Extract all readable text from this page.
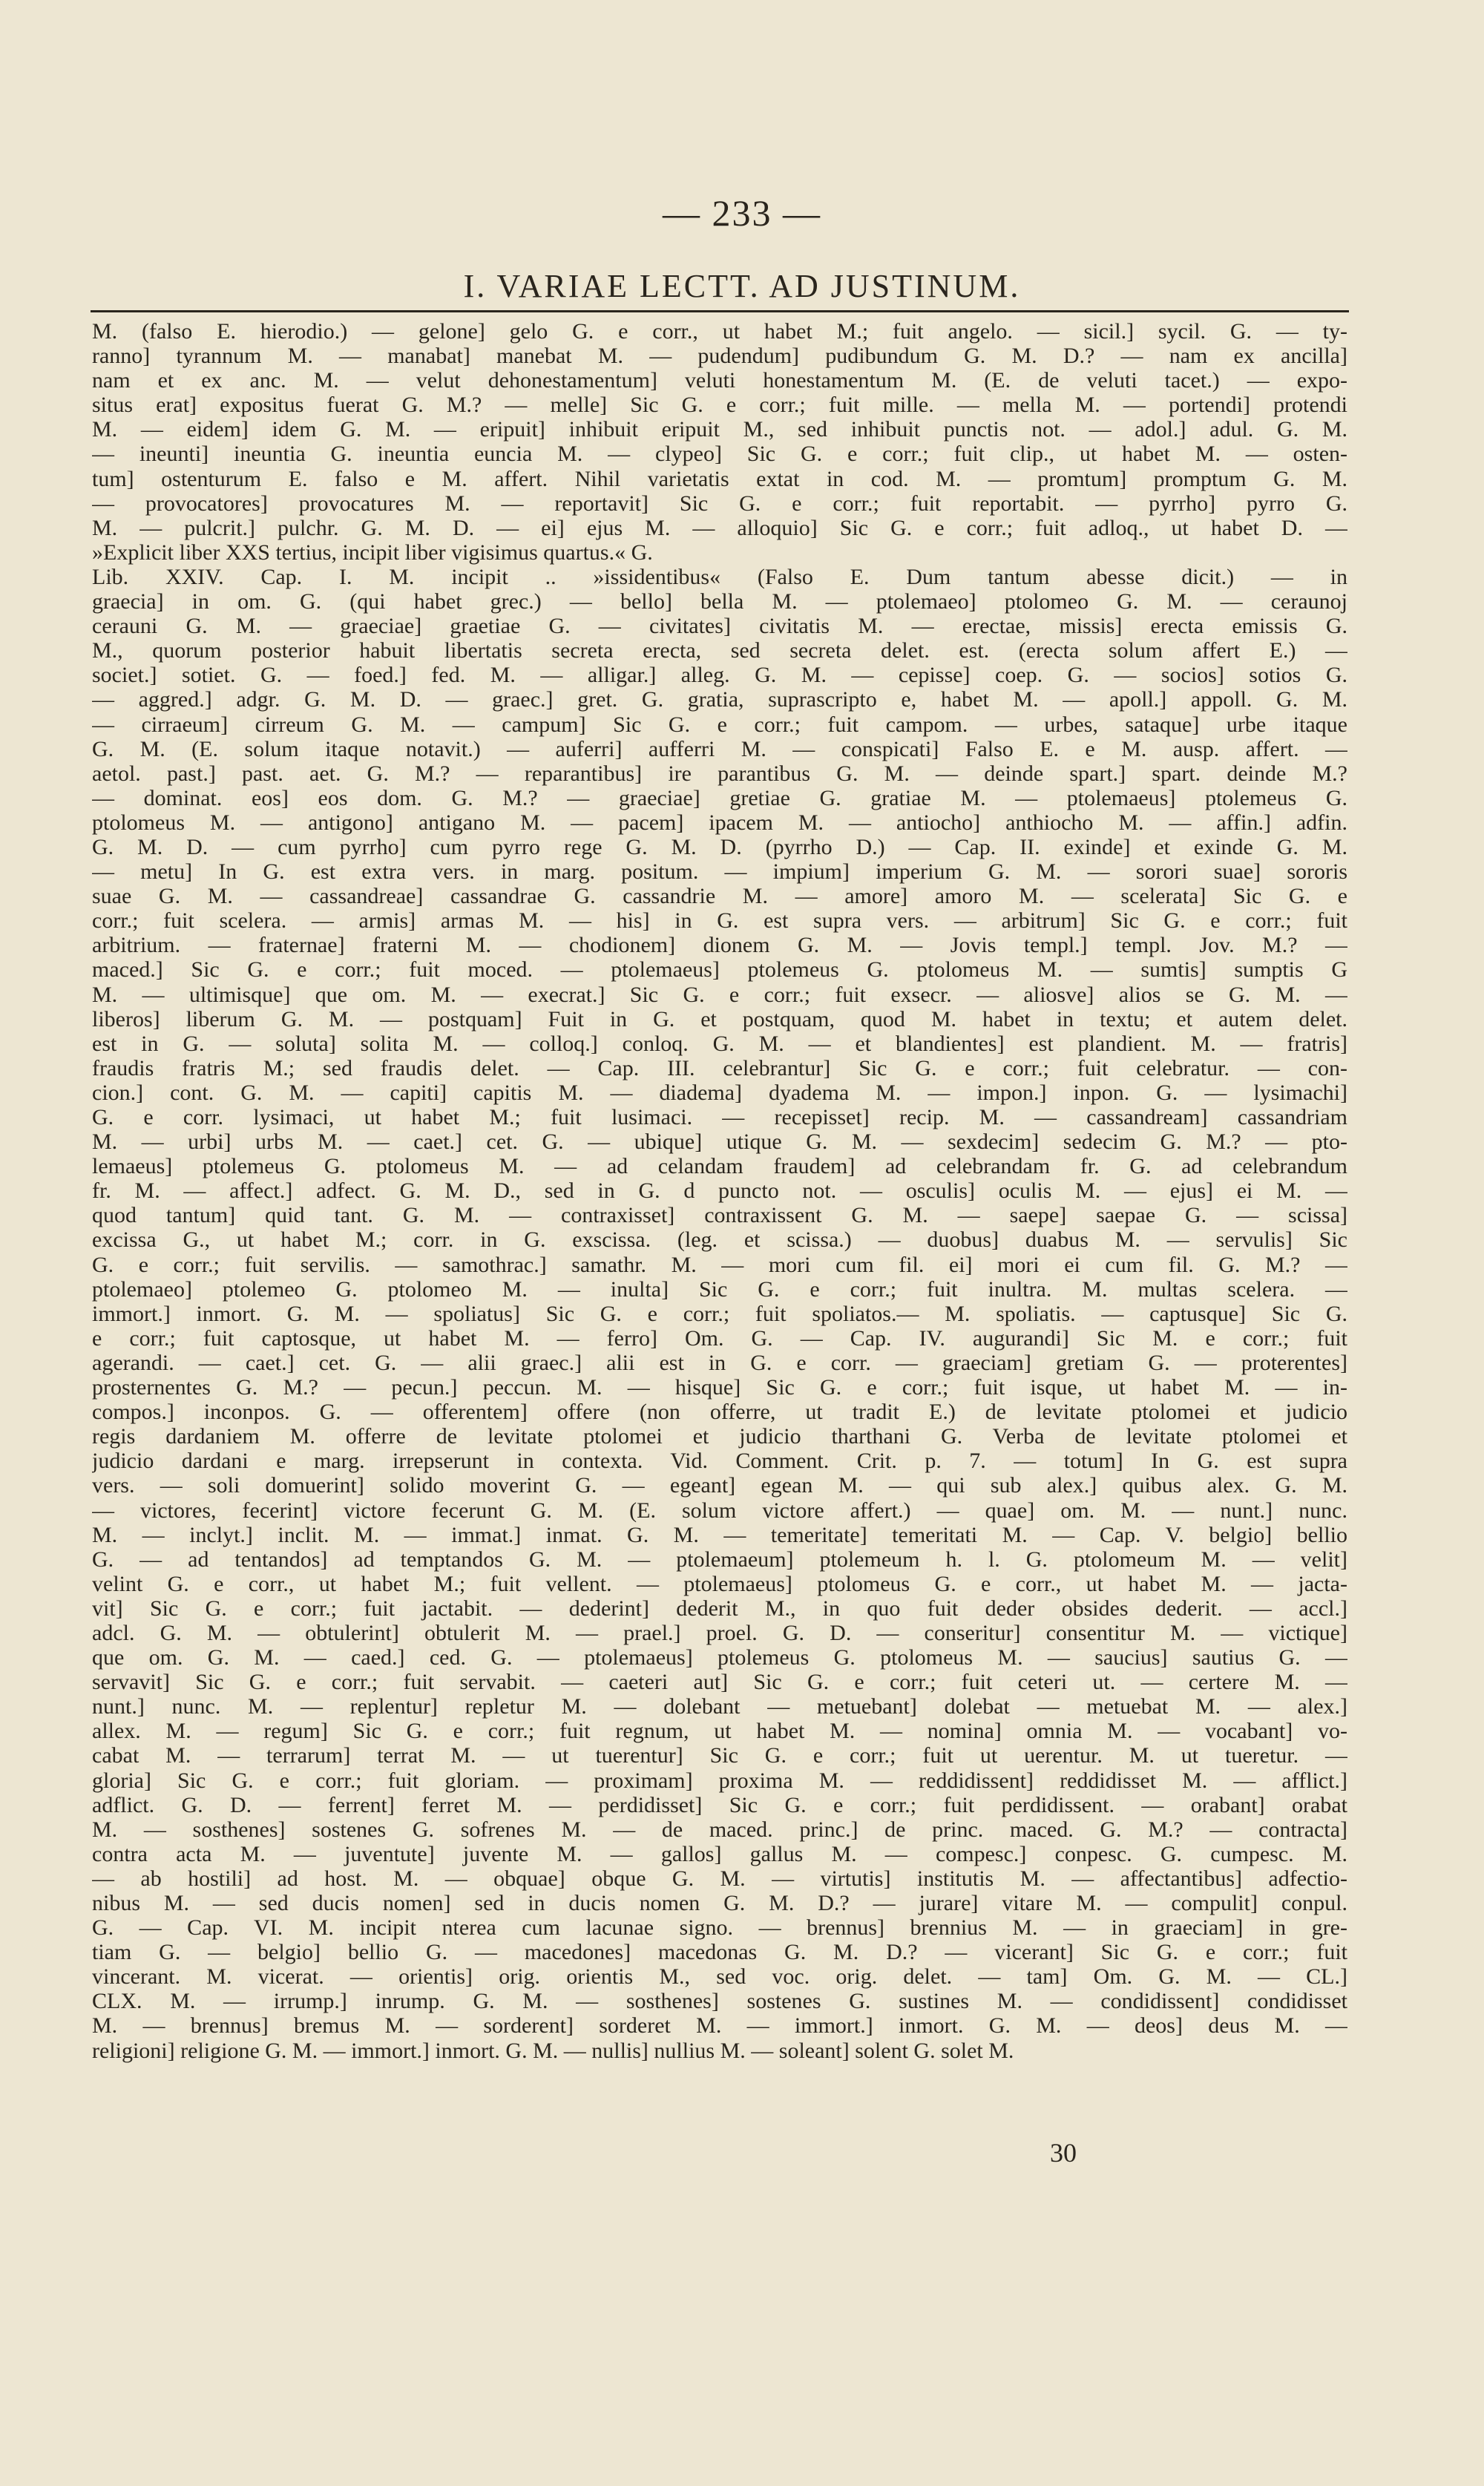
— 233 —
I. VARIAE LECTT. AD JUSTINUM.
M. (falso E. hierodio.) — gelone] gelo G. e corr., ut habet M.; fuit angelo. — sicil.] sycil. G. — ty-
ranno] tyrannum M. — manabat] manebat M. — pudendum] pudibundum G. M. D.? — nam ex ancilla]
nam et ex anc. M. — velut dehonestamentum] veluti honestamentum M. (E. de veluti tacet.) — expo-
situs erat] expositus fuerat G. M.? — melle] Sic G. e corr.; fuit mille. — mella M. — portendi] protendi
M. — eidem] idem G. M. — eripuit] inhibuit eripuit M., sed inhibuit punctis not. — adol.] adul. G. M.
— ineunti] ineuntia G. ineuntia euncia M. — clypeo] Sic G. e corr.; fuit clip., ut habet M. — osten-
tum] ostenturum E. falso e M. affert. Nihil varietatis extat in cod. M. — promtum] promptum G. M.
— provocatores] provocatures M. — reportavit] Sic G. e corr.; fuit reportabit. — pyrrho] pyrro G.
M. — pulcrit.] pulchr. G. M. D. — ei] ejus M. — alloquio] Sic G. e corr.; fuit adloq., ut habet D. —
»Explicit liber XXS tertius, incipit liber vigisimus quartus.« G.
Lib. XXIV. Cap. I. M. incipit .. »issidentibus« (Falso E. Dum tantum abesse dicit.) — in
graecia] in om. G. (qui habet grec.) — bello] bella M. — ptolemaeo] ptolomeo G. M. — ceraunoj
cerauni G. M. — graeciae] graetiae G. — civitates] civitatis M. — erectae, missis] erecta emissis G.
M., quorum posterior habuit libertatis secreta erecta, sed secreta delet. est. (erecta solum affert E.) —
societ.] sotiet. G. — foed.] fed. M. — alligar.] alleg. G. M. — cepisse] coep. G. — socios] sotios G.
— aggred.] adgr. G. M. D. — graec.] gret. G. gratia, suprascripto e, habet M. — apoll.] appoll. G. M.
— cirraeum] cirreum G. M. — campum] Sic G. e corr.; fuit campom. — urbes, sataque] urbe itaque
G. M. (E. solum itaque notavit.) — auferri] aufferri M. — conspicati] Falso E. e M. ausp. affert. —
aetol. past.] past. aet. G. M.? — reparantibus] ire parantibus G. M. — deinde spart.] spart. deinde M.?
— dominat. eos] eos dom. G. M.? — graeciae] gretiae G. gratiae M. — ptolemaeus] ptolemeus G.
ptolomeus M. — antigono] antigano M. — pacem] ipacem M. — antiocho] anthiocho M. — affin.] adfin.
G. M. D. — cum pyrrho] cum pyrro rege G. M. D. (pyrrho D.) — Cap. II. exinde] et exinde G. M.
— metu] In G. est extra vers. in marg. positum. — impium] imperium G. M. — sorori suae] sororis
suae G. M. — cassandreae] cassandrae G. cassandrie M. — amore] amoro M. — scelerata] Sic G. e
corr.; fuit scelera. — armis] armas M. — his] in G. est supra vers. — arbitrum] Sic G. e corr.; fuit
arbitrium. — fraternae] fraterni M. — chodionem] dionem G. M. — Jovis templ.] templ. Jov. M.? —
maced.] Sic G. e corr.; fuit moced. — ptolemaeus] ptolemeus G. ptolomeus M. — sumtis] sumptis G
M. — ultimisque] que om. M. — execrat.] Sic G. e corr.; fuit exsecr. — aliosve] alios se G. M. —
liberos] liberum G. M. — postquam] Fuit in G. et postquam, quod M. habet in textu; et autem delet.
est in G. — soluta] solita M. — colloq.] conloq. G. M. — et blandientes] est plandient. M. — fratris]
fraudis fratris M.; sed fraudis delet. — Cap. III. celebrantur] Sic G. e corr.; fuit celebratur. — con-
cion.] cont. G. M. — capiti] capitis M. — diadema] dyadema M. — impon.] inpon. G. — lysimachi]
G. e corr. lysimaci, ut habet M.; fuit lusimaci. — recepisset] recip. M. — cassandream] cassandriam
M. — urbi] urbs M. — caet.] cet. G. — ubique] utique G. M. — sexdecim] sedecim G. M.? — pto-
lemaeus] ptolemeus G. ptolomeus M. — ad celandam fraudem] ad celebrandam fr. G. ad celebrandum
fr. M. — affect.] adfect. G. M. D., sed in G. d puncto not. — osculis] oculis M. — ejus] ei M. —
quod tantum] quid tant. G. M. — contraxisset] contraxissent G. M. — saepe] saepae G. — scissa]
excissa G., ut habet M.; corr. in G. exscissa. (leg. et scissa.) — duobus] duabus M. — servulis] Sic
G. e corr.; fuit servilis. — samothrac.] samathr. M. — mori cum fil. ei] mori ei cum fil. G. M.? —
ptolemaeo] ptolemeo G. ptolomeo M. — inulta] Sic G. e corr.; fuit inultra. M. multas scelera. —
immort.] inmort. G. M. — spoliatus] Sic G. e corr.; fuit spoliatos.— M. spoliatis. — captusque] Sic G.
e corr.; fuit captosque, ut habet M. — ferro] Om. G. — Cap. IV. augurandi] Sic M. e corr.; fuit
agerandi. — caet.] cet. G. — alii graec.] alii est in G. e corr. — graeciam] gretiam G. — proterentes]
prosternentes G. M.? — pecun.] peccun. M. — hisque] Sic G. e corr.; fuit isque, ut habet M. — in-
compos.] inconpos. G. — offerentem] offere (non offerre, ut tradit E.) de levitate ptolomei et judicio
regis dardaniem M. offerre de levitate ptolomei et judicio tharthani G. Verba de levitate ptolomei et
judicio dardani e marg. irrepserunt in contexta. Vid. Comment. Crit. p. 7. — totum] In G. est supra
vers. — soli domuerint] solido moverint G. — egeant] egean M. — qui sub alex.] quibus alex. G. M.
— victores, fecerint] victore fecerunt G. M. (E. solum victore affert.) — quae] om. M. — nunt.] nunc.
M. — inclyt.] inclit. M. — immat.] inmat. G. M. — temeritate] temeritati M. — Cap. V. belgio] bellio
G. — ad tentandos] ad temptandos G. M. — ptolemaeum] ptolemeum h. l. G. ptolomeum M. — velit]
velint G. e corr., ut habet M.; fuit vellent. — ptolemaeus] ptolomeus G. e corr., ut habet M. — jacta-
vit] Sic G. e corr.; fuit jactabit. — dederint] dederit M., in quo fuit deder obsides dederit. — accl.]
adcl. G. M. — obtulerint] obtulerit M. — prael.] proel. G. D. — conseritur] consentitur M. — victique]
que om. G. M. — caed.] ced. G. — ptolemaeus] ptolemeus G. ptolomeus M. — saucius] sautius G. —
servavit] Sic G. e corr.; fuit servabit. — caeteri aut] Sic G. e corr.; fuit ceteri ut. — certere M. —
nunt.] nunc. M. — replentur] repletur M. — dolebant — metuebant] dolebat — metuebat M. — alex.]
allex. M. — regum] Sic G. e corr.; fuit regnum, ut habet M. — nomina] omnia M. — vocabant] vo-
cabat M. — terrarum] terrat M. — ut tuerentur] Sic G. e corr.; fuit ut uerentur. M. ut tueretur. —
gloria] Sic G. e corr.; fuit gloriam. — proximam] proxima M. — reddidissent] reddidisset M. — afflict.]
adflict. G. D. — ferrent] ferret M. — perdidisset] Sic G. e corr.; fuit perdidissent. — orabant] orabat
M. — sosthenes] sostenes G. sofrenes M. — de maced. princ.] de princ. maced. G. M.? — contracta]
contra acta M. — juventute] juvente M. — gallos] gallus M. — compesc.] conpesc. G. cumpesc. M.
— ab hostili] ad host. M. — obquae] obque G. M. — virtutis] institutis M. — affectantibus] adfectio-
nibus M. — sed ducis nomen] sed in ducis nomen G. M. D.? — jurare] vitare M. — compulit] conpul.
G. — Cap. VI. M. incipit nterea cum lacunae signo. — brennus] brennius M. — in graeciam] in gre-
tiam G. — belgio] bellio G. — macedones] macedonas G. M. D.? — vicerant] Sic G. e corr.; fuit
vincerant. M. vicerat. — orientis] orig. orientis M., sed voc. orig. delet. — tam] Om. G. M. — CL.]
CLX. M. — irrump.] inrump. G. M. — sosthenes] sostenes G. sustines M. — condidissent] condidisset
M. — brennus] bremus M. — sorderent] sorderet M. — immort.] inmort. G. M. — deos] deus M. —
religioni] religione G. M. — immort.] inmort. G. M. — nullis] nullius M. — soleant] solent G. solet M.
30
